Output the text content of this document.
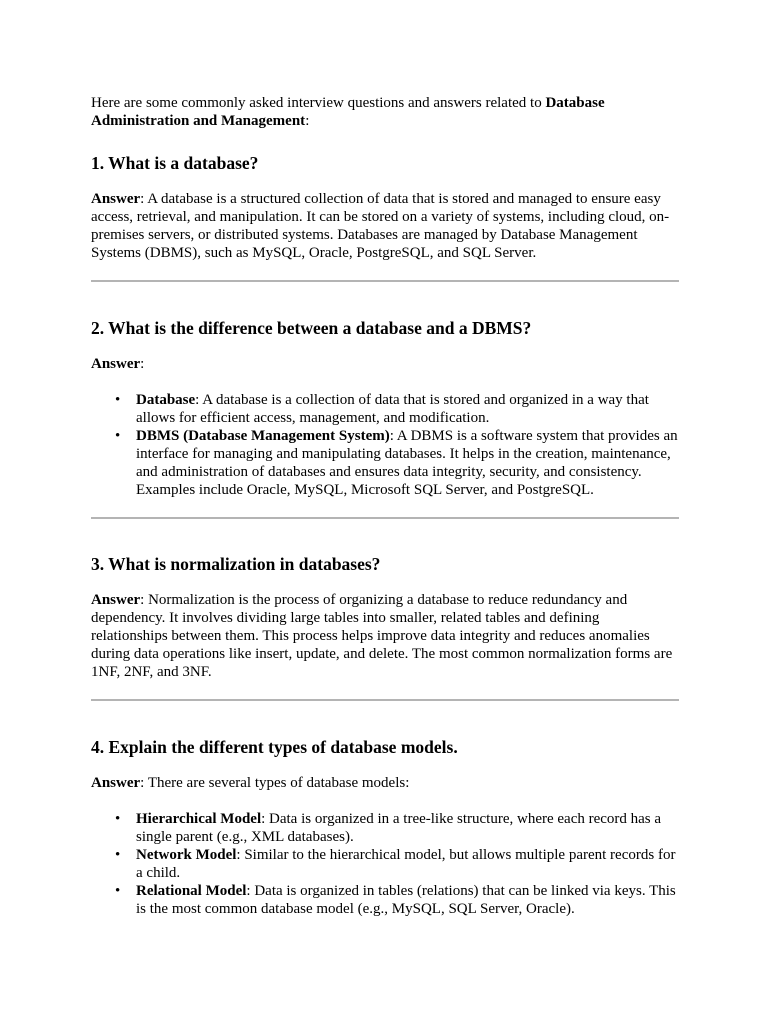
Here are some commonly asked interview questions and answers related to Database Administration and Management:

1. What is a database?

Answer: A database is a structured collection of data that is stored and managed to ensure easy access, retrieval, and manipulation. It can be stored on a variety of systems, including cloud, on-premises servers, or distributed systems. Databases are managed by Database Management Systems (DBMS), such as MySQL, Oracle, PostgreSQL, and SQL Server.

2. What is the difference between a database and a DBMS?

Answer:

• Database: A database is a collection of data that is stored and organized in a way that allows for efficient access, management, and modification.
• DBMS (Database Management System): A DBMS is a software system that provides an interface for managing and manipulating databases. It helps in the creation, maintenance, and administration of databases and ensures data integrity, security, and consistency. Examples include Oracle, MySQL, Microsoft SQL Server, and PostgreSQL.
3. What is normalization in databases?

Answer: Normalization is the process of organizing a database to reduce redundancy and dependency. It involves dividing large tables into smaller, related tables and defining relationships between them. This process helps improve data integrity and reduces anomalies during data operations like insert, update, and delete. The most common normalization forms are 1NF, 2NF, and 3NF.

4. Explain the different types of database models.

Answer: There are several types of database models:

• Hierarchical Model: Data is organized in a tree-like structure, where each record has a single parent (e.g., XML databases).
• Network Model: Similar to the hierarchical model, but allows multiple parent records for a child.
• Relational Model: Data is organized in tables (relations) that can be linked via keys. This is the most common database model (e.g., MySQL, SQL Server, Oracle).
